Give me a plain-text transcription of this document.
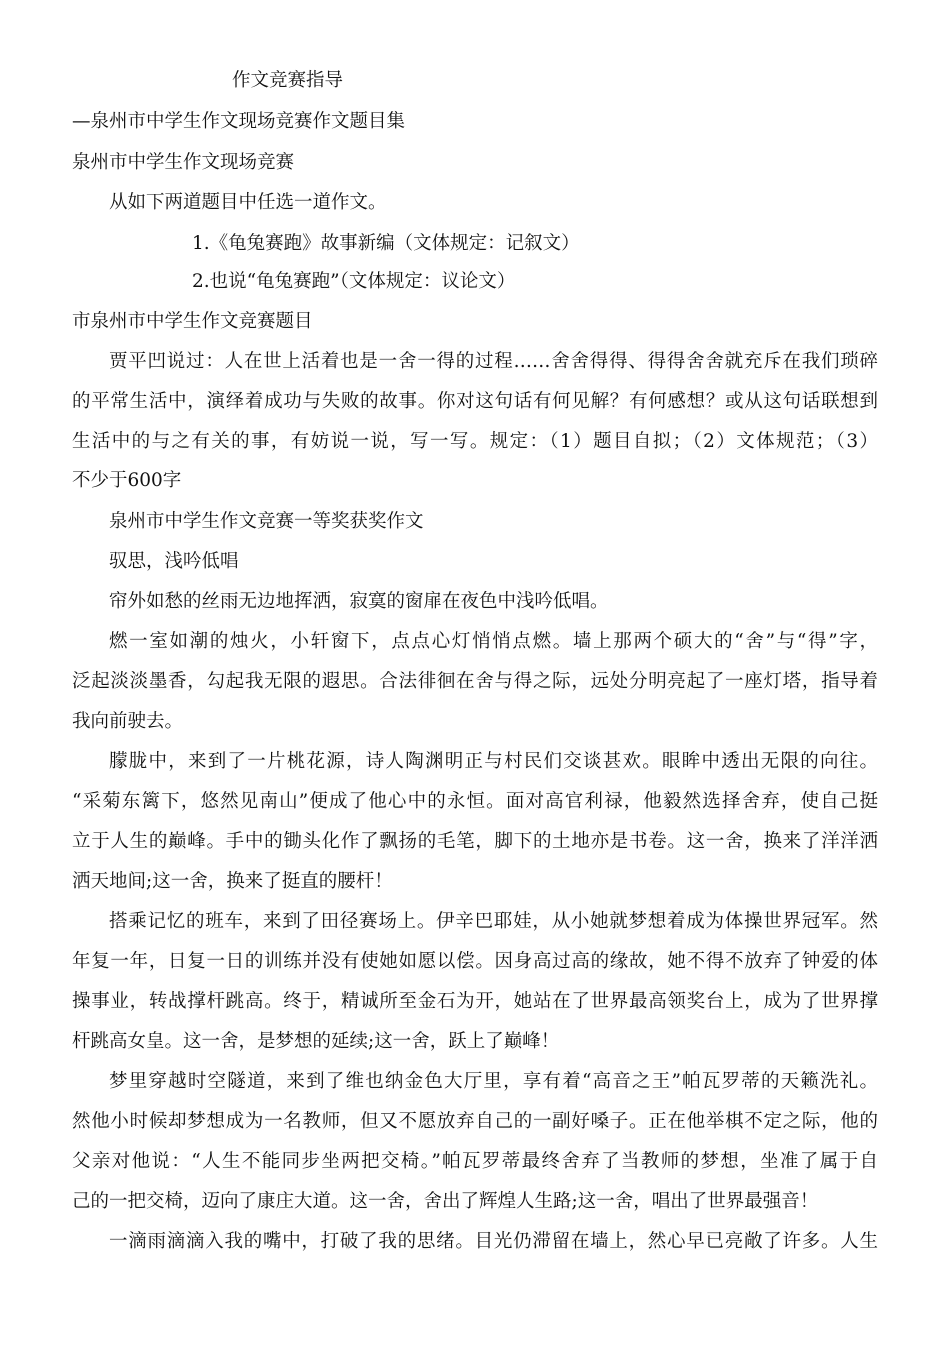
作文竞赛指导
—泉州市中学生作文现场竞赛作文题目集
泉州市中学生作文现场竞赛
从如下两道题目中任选一道作文。
1.《龟兔赛跑》故事新编（文体规定：记叙文）
2.也说“龟兔赛跑”（文体规定：议论文）
市泉州市中学生作文竞赛题目
贾平凹说过：人在世上活着也是一舍一得的过程……舍舍得得、得得舍舍就充斥在我们琐碎
的平常生活中，演绎着成功与失败的故事。你对这句话有何见解？有何感想？或从这句话联想到
生活中的与之有关的事，有妨说一说，写一写。规定：（1）题目自拟；（2）文体规范；（3）
不少于600字
泉州市中学生作文竞赛一等奖获奖作文
驭思，浅吟低唱
帘外如愁的丝雨无边地挥洒，寂寞的窗扉在夜色中浅吟低唱。
燃一室如潮的烛火，小轩窗下，点点心灯悄悄点燃。墙上那两个硕大的“舍”与“得”字，
泛起淡淡墨香，勾起我无限的遐思。合法徘徊在舍与得之际，远处分明亮起了一座灯塔，指导着
我向前驶去。
朦胧中，来到了一片桃花源，诗人陶渊明正与村民们交谈甚欢。眼眸中透出无限的向往。
“采菊东篱下，悠然见南山”便成了他心中的永恒。面对高官利禄，他毅然选择舍弃，使自己挺
立于人生的巅峰。手中的锄头化作了飘扬的毛笔，脚下的土地亦是书卷。这一舍，换来了洋洋洒
洒天地间;这一舍，换来了挺直的腰杆！
搭乘记忆的班车，来到了田径赛场上。伊辛巴耶娃，从小她就梦想着成为体操世界冠军。然
年复一年，日复一日的训练并没有使她如愿以偿。因身高过高的缘故，她不得不放弃了钟爱的体
操事业，转战撑杆跳高。终于，精诚所至金石为开，她站在了世界最高领奖台上，成为了世界撑
杆跳高女皇。这一舍，是梦想的延续;这一舍，跃上了巅峰！
梦里穿越时空隧道，来到了维也纳金色大厅里，享有着“高音之王”帕瓦罗蒂的天籁洗礼。
然他小时候却梦想成为一名教师，但又不愿放弃自己的一副好嗓子。正在他举棋不定之际，他的
父亲对他说：“人生不能同步坐两把交椅。”帕瓦罗蒂最终舍弃了当教师的梦想，坐准了属于自
己的一把交椅，迈向了康庄大道。这一舍，舍出了辉煌人生路;这一舍，唱出了世界最强音！
一滴雨滴滴入我的嘴中，打破了我的思绪。目光仍滞留在墙上，然心早已亮敞了许多。人生
